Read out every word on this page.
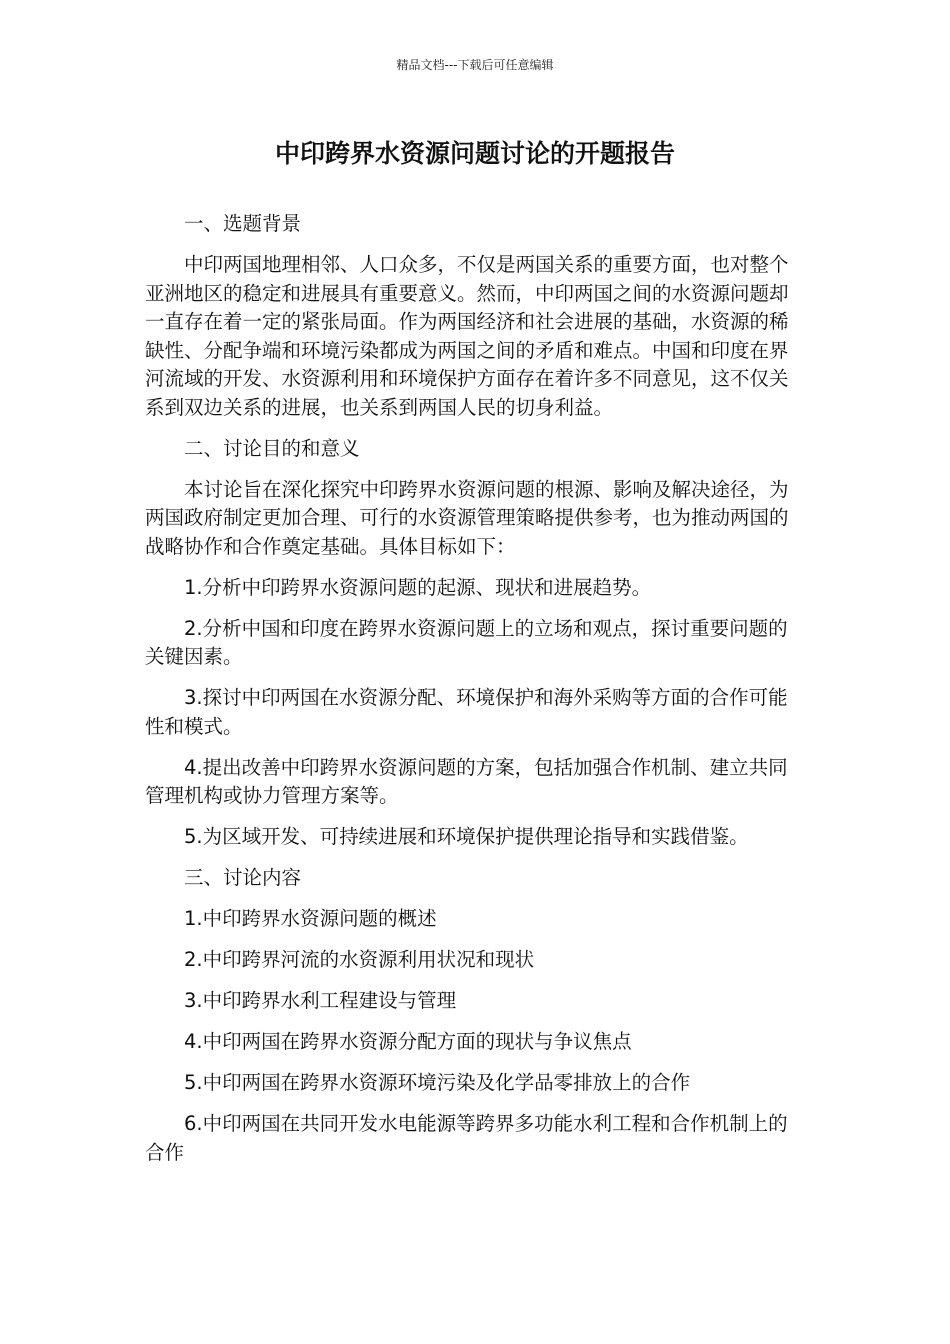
精品文档---下载后可任意编辑
中印跨界水资源问题讨论的开题报告

一、选题背景

中印两国地理相邻、人口众多，不仅是两国关系的重要方面，也对整个亚洲地区的稳定和进展具有重要意义。然而，中印两国之间的水资源问题却一直存在着一定的紧张局面。作为两国经济和社会进展的基础，水资源的稀缺性、分配争端和环境污染都成为两国之间的矛盾和难点。中国和印度在界河流域的开发、水资源利用和环境保护方面存在着许多不同意见，这不仅关系到双边关系的进展，也关系到两国人民的切身利益。

二、讨论目的和意义

本讨论旨在深化探究中印跨界水资源问题的根源、影响及解决途径，为两国政府制定更加合理、可行的水资源管理策略提供参考，也为推动两国的战略协作和合作奠定基础。具体目标如下：

1.分析中印跨界水资源问题的起源、现状和进展趋势。

2.分析中国和印度在跨界水资源问题上的立场和观点，探讨重要问题的关键因素。

3.探讨中印两国在水资源分配、环境保护和海外采购等方面的合作可能性和模式。

4.提出改善中印跨界水资源问题的方案，包括加强合作机制、建立共同管理机构或协力管理方案等。

5.为区域开发、可持续进展和环境保护提供理论指导和实践借鉴。

三、讨论内容

1.中印跨界水资源问题的概述

2.中印跨界河流的水资源利用状况和现状

3.中印跨界水利工程建设与管理

4.中印两国在跨界水资源分配方面的现状与争议焦点

5.中印两国在跨界水资源环境污染及化学品零排放上的合作

6.中印两国在共同开发水电能源等跨界多功能水利工程和合作机制上的合作
